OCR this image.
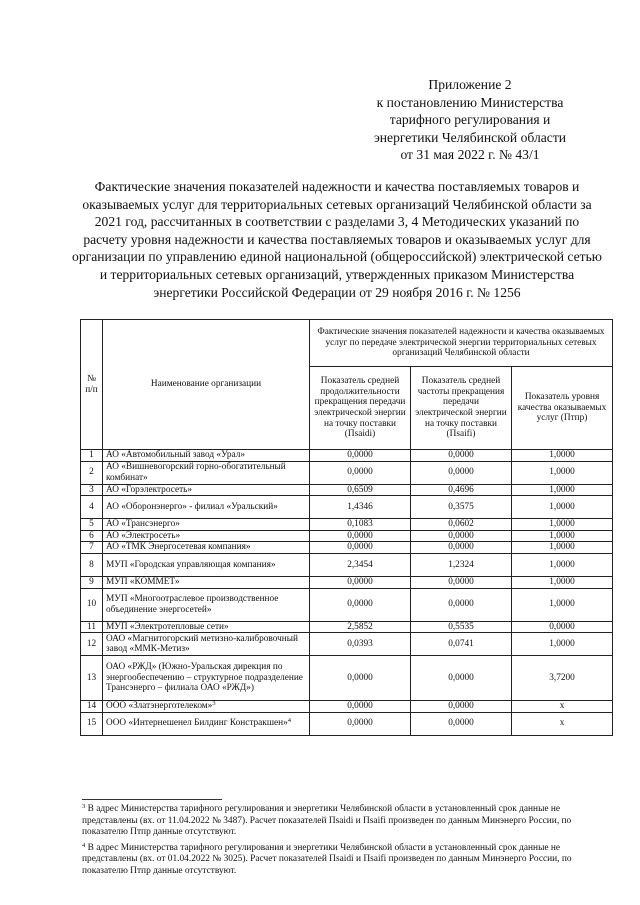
Приложение 2
к постановлению Министерства
тарифного регулирования и
энергетики Челябинской области
от 31 мая 2022 г. № 43/1
Фактические значения показателей надежности и качества поставляемых товаров и оказываемых услуг для территориальных сетевых организаций Челябинской области за 2021 год, рассчитанных в соответствии с разделами 3, 4 Методических указаний по расчету уровня надежности и качества поставляемых товаров и оказываемых услуг для организации по управлению единой национальной (общероссийской) электрической сетью и территориальных сетевых организаций, утвержденных приказом Министерства энергетики Российской Федерации от 29 ноября 2016 г. № 1256
№ п/п	Наименование организации	Фактические значения показателей надежности и качества оказываемых услуг по передаче электрической энергии территориальных сетевых организаций Челябинской области		
		Показатель средней продолжительности прекращения передачи электрической энергии на точку поставки (Пsaidi)	Показатель средней частоты прекращения передачи электрической энергии на точку поставки (Пsaifi)	Показатель уровня качества оказываемых услуг (Птпр)
1	АО «Автомобильный завод «Урал»	0,0000	0,0000	1,0000
2	АО «Вишневогорский горно-обогатительный комбинат»	0,0000	0,0000	1,0000
3	АО «Горэлектросеть»	0,6509	0,4696	1,0000
4	АО «Оборонэнерго» - филиал «Уральский»	1,4346	0,3575	1,0000
5	АО «Трансэнерго»	0,1083	0,0602	1,0000
6	АО «Электросеть»	0,0000	0,0000	1,0000
7	АО «ТМК Энергосетевая компания»	0,0000	0,0000	1,0000
8	МУП «Городская управляющая компания»	2,3454	1,2324	1,0000
9	МУП «КОММЕТ»	0,0000	0,0000	1,0000
10	МУП «Многоотраслевое производственное объединение энергосетей»	0,0000	0,0000	1,0000
11	МУП «Электротепловые сети»	2,5852	0,5535	0,0000
12	ОАО «Магнитогорский метизно-калибровочный завод «ММК-Метиз»	0,0393	0,0741	1,0000
13	ОАО «РЖД» (Южно-Уральская дирекция по энергообеспечению – структурное подразделение Трансэнерго – филиала ОАО «РЖД»)	0,0000	0,0000	3,7200
14	ООО «Златэнерготелеком»$^3$	0,0000	0,0000	х
15	ООО «Интернешенел Билдинг Констракшен»$^4$	0,0000	0,0000	х
$^3$ В адрес Министерства тарифного регулирования и энергетики Челябинской области в установленный срок данные не представлены (вх. от 11.04.2022 № 3487). Расчет показателей Пsaidi и Пsaifi произведен по данным Минэнерго России, по показателю Птпр данные отсутствуют.
$^4$ В адрес Министерства тарифного регулирования и энергетики Челябинской области в установленный срок данные не представлены (вх. от 01.04.2022 № 3025). Расчет показателей Пsaidi и Пsaifi произведен по данным Минэнерго России, по показателю Птпр данные отсутствуют.
